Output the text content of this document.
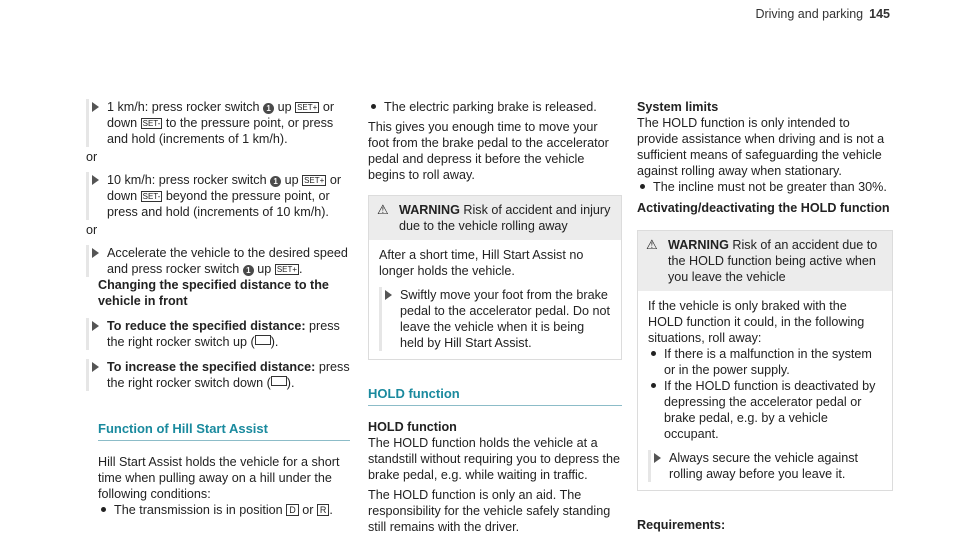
Driving and parking 145

1 km/h: press rocker switch 1 up SET+ or down SET- to the pressure point, or press and hold (increments of 1 km/h).

or

10 km/h: press rocker switch 1 up SET+ or down SET- beyond the pressure point, or press and hold (increments of 10 km/h).

or

Accelerate the vehicle to the desired speed and press rocker switch 1 up SET+ .

Changing the specified distance to the vehicle in front

To reduce the specified distance: press the right rocker switch up ( ).

To increase the specified distance: press the right rocker switch down ( ).

Function of Hill Start Assist

Hill Start Assist holds the vehicle for a short time when pulling away on a hill under the following conditions:

The transmission is in position D or R .
The electric parking brake is released.

This gives you enough time to move your foot from the brake pedal to the accelerator pedal and depress it before the vehicle begins to roll away.

⚠ WARNING Risk of accident and injury due to the vehicle rolling away

After a short time, Hill Start Assist no longer holds the vehicle.

Swiftly move your foot from the brake pedal to the accelerator pedal. Do not leave the vehicle when it is being held by Hill Start Assist.

HOLD function

HOLD function

The HOLD function holds the vehicle at a standstill without requiring you to depress the brake pedal, e.g. while waiting in traffic.

The HOLD function is only an aid. The responsibility for the vehicle safely standing still remains with the driver.

System limits

The HOLD function is only intended to provide assistance when driving and is not a sufficient means of safeguarding the vehicle against rolling away when stationary.

The incline must not be greater than 30%.

Activating/deactivating the HOLD function

⚠ WARNING Risk of an accident due to the HOLD function being active when you leave the vehicle

If the vehicle is only braked with the HOLD function it could, in the following situations, roll away:

If there is a malfunction in the system or in the power supply.
If the HOLD function is deactivated by depressing the accelerator pedal or brake pedal, e.g. by a vehicle occupant.

Always secure the vehicle against rolling away before you leave it.

Requirements:
